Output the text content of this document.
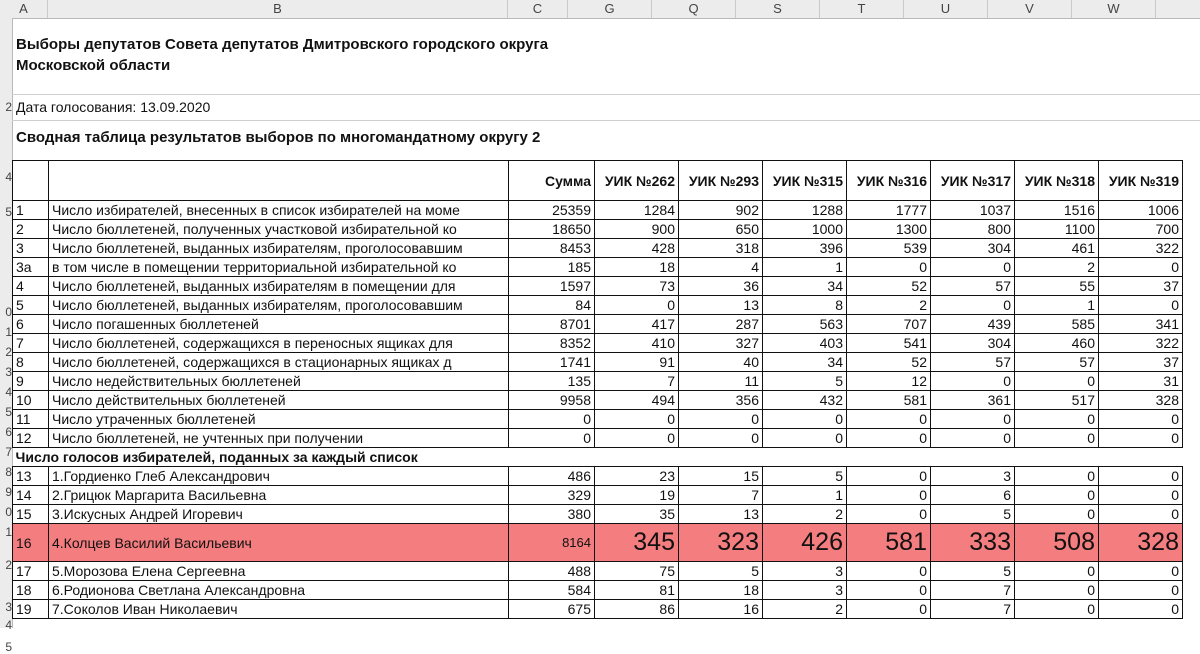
A	B	C	G	Q	S	T	U	V	W
2
4
5
0
1
2
3
4
5
6
7
8
9
0
1
2
3
4
5
Выборы депутатов Совета депутатов Дмитровского городского округа
Московской области
Дата голосования: 13.09.2020
Сводная таблица результатов выборов по многомандатному округу 2
		Сумма	УИК №262	УИК №293	УИК №315	УИК №316	УИК №317	УИК №318	УИК №319
1	Число избирателей, внесенных в список избирателей на моме	25359	1284	902	1288	1777	1037	1516	1006
2	Число бюллетеней, полученных участковой избирательной ко	18650	900	650	1000	1300	800	1100	700
3	Число бюллетеней, выданных избирателям, проголосовавшим	8453	428	318	396	539	304	461	322
3а	в том числе в помещении территориальной избирательной ко	185	18	4	1	0	0	2	0
4	Число бюллетеней, выданных избирателям в помещении для	1597	73	36	34	52	57	55	37
5	Число бюллетеней, выданных избирателям, проголосовавшим	84	0	13	8	2	0	1	0
6	Число погашенных бюллетеней	8701	417	287	563	707	439	585	341
7	Число бюллетеней, содержащихся в переносных ящиках для	8352	410	327	403	541	304	460	322
8	Число бюллетеней, содержащихся в стационарных ящиках д	1741	91	40	34	52	57	57	37
9	Число недействительных бюллетеней	135	7	11	5	12	0	0	31
10	Число действительных бюллетеней	9958	494	356	432	581	361	517	328
11	Число утраченных бюллетеней	0	0	0	0	0	0	0	0
12	Число бюллетеней, не учтенных при получении	0	0	0	0	0	0	0	0
Число голосов избирателей, поданных за каждый список									
13	1.Гордиенко Глеб Александрович	486	23	15	5	0	3	0	0
14	2.Грицюк Маргарита Васильевна	329	19	7	1	0	6	0	0
15	3.Искусных Андрей Игоревич	380	35	13	2	0	5	0	0
16	4.Колцев Василий Васильевич	8164	345	323	426	581	333	508	328
17	5.Морозова Елена Сергеевна	488	75	5	3	0	5	0	0
18	6.Родионова Светлана Александровна	584	81	18	3	0	7	0	0
19	7.Соколов Иван Николаевич	675	86	16	2	0	7	0	0
